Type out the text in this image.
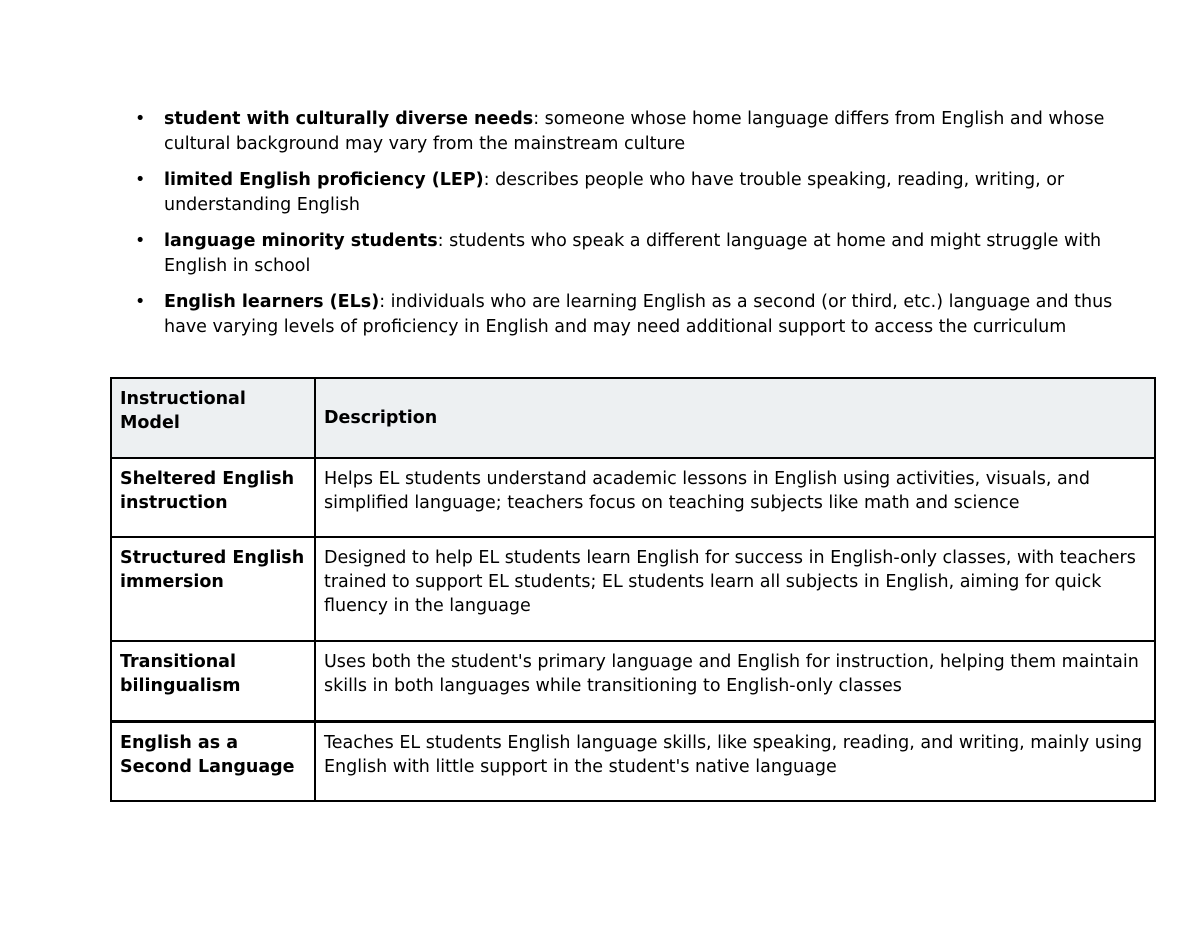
• student with culturally diverse needs: someone whose home language differs from English and whose cultural background may vary from the mainstream culture
• limited English proficiency (LEP): describes people who have trouble speaking, reading, writing, or understanding English
• language minority students: students who speak a different language at home and might struggle with English in school
• English learners (ELs): individuals who are learning English as a second (or third, etc.) language and thus have varying levels of proficiency in English and may need additional support to access the curriculum
Instructional Model	Description
Sheltered English instruction	Helps EL students understand academic lessons in English using activities, visuals, and simplified language; teachers focus on teaching subjects like math and science
Structured English immersion	Designed to help EL students learn English for success in English-only classes, with teachers trained to support EL students; EL students learn all subjects in English, aiming for quick fluency in the language
Transitional bilingualism	Uses both the student's primary language and English for instruction, helping them maintain skills in both languages while transitioning to English-only classes
English as a Second Language	Teaches EL students English language skills, like speaking, reading, and writing, mainly using English with little support in the student's native language
